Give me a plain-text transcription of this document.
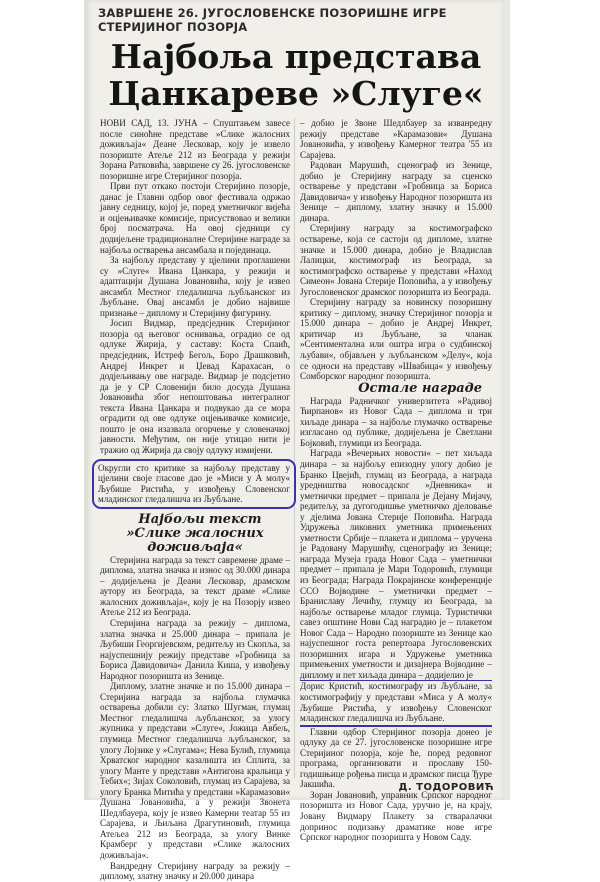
ЗАВРШЕНЕ 26. ЈУГОСЛОВЕНСКЕ ПОЗОРИШНЕ ИГРЕ СТЕРИЈИНОГ ПОЗОРЈА
Најбоља представа Цанкареве »Слуге«

НОВИ САД, 13. ЈУНА – Спуштањем завесе после синоћне представе »Слике жалосних доживљаја« Деане Лесковар, коју је извело позориште Атеље 212 из Београда у режији Зорана Ратковића, завршене су 26. југословенске позоришне игре Стеријиног позорја.

Први пут откако постоји Стеријино позорје, данас је Главни одбор овог фестивала одржао јавну седницу, којој је, поред уметничког вијећа и оцјењивачке комисије, присуствовао и велики број посматрача. На овој сједници су додијељене традиционалне Стеријине награде за најбоља остварења ансамбала и појединаца.

За најбољу представу у цјелини проглашени су »Слуге« Ивана Цанкара, у режији и адаптацији Душана Јовановића, коју је извео ансамбл Местног гледалишча љубљанског из Љубљане. Овај ансамбл је добио највише признање – диплому и Стеријину фигурину.

Јосип Видмар, предсједник Стеријиног позорја од његовог оснивања, оградио се од одлуке Жирија, у саставу: Коста Спаић, предсједник, Истреф Бегољ, Боро Драшковић, Андреј Инкрет и Џевад Карахасан, о додјељивању ове награде. Видмар је подсјетио да је у СР Словенији било досуда Душана Јовановића због непоштовања интегралног текста Ивана Цанкара и подвукао да се мора оградити од ове одлуке оцјењивачке комисије, пошто је она изазвала огорчење у словеначкој јавности. Међутим, он није утицао нити је тражио од Жирија да своју одлуку измијени.

Округли сто критике за најбољу представу у цјелини своје гласове дао је »Миси у А молу« Љубише Ристића, у извођењу Словенског младинског гледалишча из Љубљане.

Најбољи текст »Слике жалосних доживљаја«

Стеријина награда за текст савремене драме – диплома, златна значка и износ од 30.000 динара – додијељена је Деани Лесковар, драмском аутору из Београда, за текст драме »Слике жалосних доживљаја«, коју је на Позорју извео Атеље 212 из Београда.

Стеријина награда за режију – диплома, златна значка и 25.000 динара – припала је Љубиши Георгијевском, редитељу из Скопља, за најуспешнију режију представе »Гробница за Бориса Давидовича« Данила Киша, у извођењу Народног позоришта из Зенице.

Диплому, златне значке и по 15.000 динара – Стеријина награда за најбоља глумачка остварења добили су: Златко Шугман, глумац Местног гледалишча љубљанског, за улогу жупника у представи »Слуге«, Јожица Авбељ, глумица Местног гледалишча љубљанског, за улогу Лојзике у »Слугама«; Нева Булић, глумица Хрватског народног казалишта из Сплита, за улогу Манте у представи »Антигона кральица у Тебих«; Зијах Соколовић, глумац из Сарајева, за улогу Бранка Митића у представи »Карамазови« Душана Јовановића, а у режији Звонета Шедлбауера, коју је извео Камерни театар 55 из Сарајева, и Љиљана Драгутиновић, глумица Атељеа 212 из Београда, за улогу Винке Крамберг у представи »Слике жалосних доживљаја«.

Вандредну Стеријину награду за режију – диплому, златну значку и 20.000 динара

– добио је Звоне Шедлбауер за изванредну режију представе »Карамазови« Душана Јовановића, у извођењу Камерног театра '55 из Сарајева.

Радован Марушић, сценограф из Зенице, добио је Стеријину награду за сценско остварење у представи »Гробница за Бориса Давидовича« у извођењу Народног позоришта из Зенице – диплому, златну значку и 15.000 динара.

Стеријину награду за костимографско остварење, која се састоји од дипломе, златне значке и 15.000 динара, добио је Владислав Лалицки, костимограф из Београда, за костимографско остварење у представи »Наход Симеон« Јована Стерије Поповића, а у извођењу Југословенског драмског позоришта из Београда.

Стеријину награду за новинску позоришну критику – диплому, значку Стеријиног позорја и 15.000 динара – добио је Андреј Инкрет, критичар из Љубљане, за чланак »Сентиментална или оштра игра о судбинској љубави«, објављен у љубљанском »Делу«, која се односи на представу »Швабица« у извођењу Сомборског народног позоришта.

Остале награде

Награда Радничког универзитета »Радивој Ћирпанов« из Новог Сада – диплома и три хиљаде динара – за најбоље глумачко остварење изгласано од публике, додијељена је Светлани Бојковић, глумици из Београда.

Награда »Вечерњих новости« – пет хиљада динара – за најбољу епизодну улогу добио је Бранко Цвејић, глумац из Београда, а награда уредништва новосадског »Дневника« и уметнички предмет – припала је Дејану Мијачу, редитељу, за дугогодишње уметничко дјеловање у дјелима Јована Стерије Поповића. Награда Удружења ликовних уметника примењених уметности Србије – плакета и диплома – уручена је Радовану Марушићу, сценографу из Зенице; награда Музеја града Новог Сада – уметнички предмет – припала је Мари Тодоровић, глумици из Београда; Награда Покрајинске конференције ССО Војводине – уметнички предмет – Браниславу Лечићу, глумцу из Београда, за најбоље остварење младог глумца. Туристички савез општине Нови Сад наградио је – плакетом Новог Сада – Народно позориште из Зенице као најуспешног госта репертоара Југословенских позоришних игара и Удружење уметника примењених уметности и дизајнера Војводине – диплому и пет хиљада динара – додијелио је

Дорис Кристић, костимографу из Љубљане, за костимографију у представи »Миса у А молу« Љубише Ристића, у извођењу Словенског младинског гледалишча из Љубљане.

Главни одбор Стеријиног позорја донео је одлуку да се 27. југословенске позоришне игре Стеријиног позорја, које ће, поред редовног програма, организовати и прославу 150-годишњице рођења писца и драмског писца Ђуре Јакшића.

Зоран Јовановић, управник Српског народног позоришта из Новог Сада, уручио је, на крају, Јовану Видмару Плакету за стваралачки допринос подизању драматике нове игре Српског народног позоришта у Новом Саду.

Д. ТОДОРОВИЋ
